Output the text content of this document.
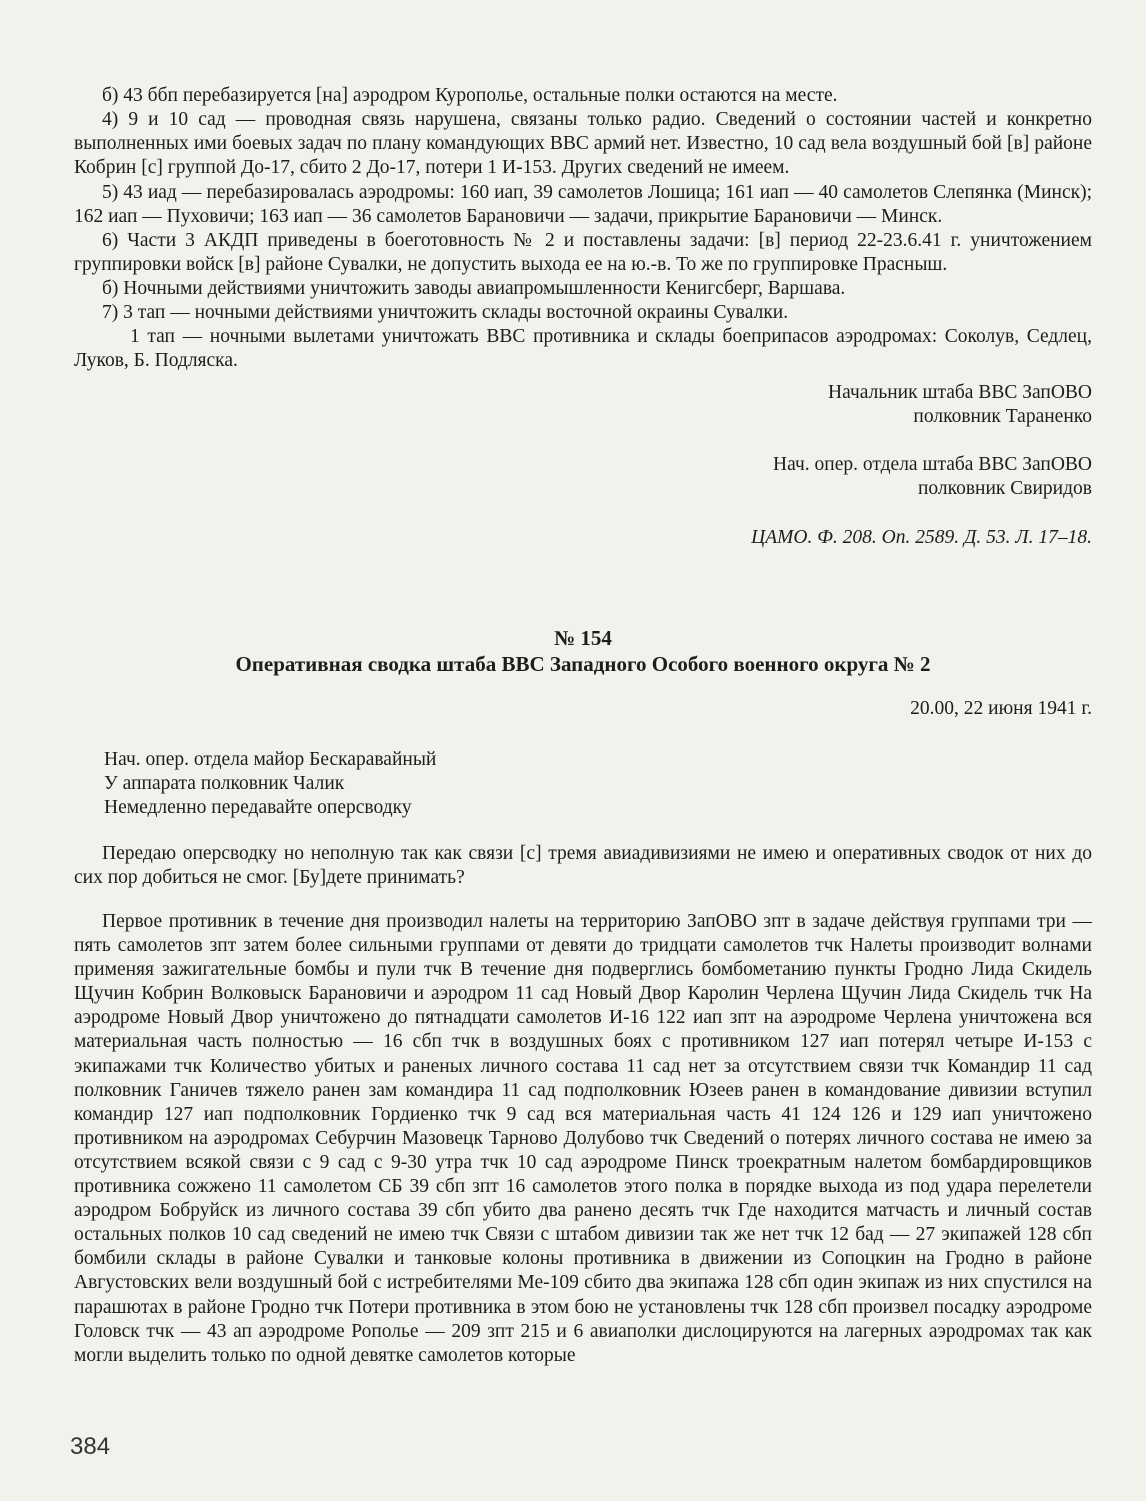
б) 43 ббп перебазируется [на] аэродром Курополье, остальные полки остаются на месте.

4) 9 и 10 сад — проводная связь нарушена, связаны только радио. Сведений о состоянии частей и конкретно выполненных ими боевых задач по плану командующих ВВС армий нет. Известно, 10 сад вела воздушный бой [в] районе Кобрин [с] группой До-17, сбито 2 До-17, потери 1 И-153. Других сведений не имеем.

5) 43 иад — перебазировалась аэродромы: 160 иап, 39 самолетов Лошица; 161 иап — 40 самолетов Слепянка (Минск); 162 иап — Пуховичи; 163 иап — 36 самолетов Барановичи — задачи, прикрытие Барановичи — Минск.

6) Части 3 АКДП приведены в боеготовность № 2 и поставлены задачи: [в] период 22-23.6.41 г. уничтожением группировки войск [в] районе Сувалки, не допустить выхода ее на ю.-в. То же по группировке Прасныш.

б) Ночными действиями уничтожить заводы авиапромышленности Кенигсберг, Варшава.

7) 3 тап — ночными действиями уничтожить склады восточной окраины Сувалки.

1 тап — ночными вылетами уничтожать ВВС противника и склады боеприпасов аэродромах: Соколув, Седлец, Луков, Б. Подляска.

Начальник штаба ВВС ЗапОВО

полковник Тараненко

Нач. опер. отдела штаба ВВС ЗапОВО

полковник Свиридов

ЦАМО. Ф. 208. Оп. 2589. Д. 53. Л. 17–18.

№ 154

Оперативная сводка штаба ВВС Западного Особого военного округа № 2

20.00, 22 июня 1941 г.

Нач. опер. отдела майор Бескаравайный

У аппарата полковник Чалик

Немедленно передавайте оперсводку

Передаю оперсводку но неполную так как связи [с] тремя авиадивизиями не имею и оперативных сводок от них до сих пор добиться не смог. [Бу]дете принимать?

Первое противник в течение дня производил налеты на территорию ЗапОВО зпт в задаче действуя группами три — пять самолетов зпт затем более сильными группами от девяти до тридцати самолетов тчк Налеты производит волнами применяя зажигательные бомбы и пули тчк В течение дня подверглись бомбометанию пункты Гродно Лида Скидель Щучин Кобрин Волковыск Барановичи и аэродром 11 сад Новый Двор Каролин Черлена Щучин Лида Скидель тчк На аэродроме Новый Двор уничтожено до пятнадцати самолетов И-16 122 иап зпт на аэродроме Черлена уничтожена вся материальная часть полностью — 16 сбп тчк в воздушных боях с противником 127 иап потерял четыре И-153 с экипажами тчк Количество убитых и раненых личного состава 11 сад нет за отсутствием связи тчк Командир 11 сад полковник Ганичев тяжело ранен зам командира 11 сад подполковник Юзеев ранен в командование дивизии вступил командир 127 иап подполковник Гордиенко тчк 9 сад вся материальная часть 41 124 126 и 129 иап уничтожено противником на аэродромах Себурчин Мазовецк Тарново Долубово тчк Сведений о потерях личного состава не имею за отсутствием всякой связи с 9 сад с 9-30 утра тчк 10 сад аэродроме Пинск троекратным налетом бомбардировщиков противника сожжено 11 самолетом СБ 39 сбп зпт 16 самолетов этого полка в порядке выхода из под удара перелетели аэродром Бобруйск из личного состава 39 сбп убито два ранено десять тчк Где находится матчасть и личный состав остальных полков 10 сад сведений не имею тчк Связи с штабом дивизии так же нет тчк 12 бад — 27 экипажей 128 сбп бомбили склады в районе Сувалки и танковые колоны противника в движении из Сопоцкин на Гродно в районе Августовских вели воздушный бой с истребителями Ме-109 сбито два экипажа 128 сбп один экипаж из них спустился на парашютах в районе Гродно тчк Потери противника в этом бою не установлены тчк 128 сбп произвел посадку аэродроме Головск тчк — 43 ап аэродроме Рополье — 209 зпт 215 и 6 авиаполки дислоцируются на лагерных аэродромах так как могли выделить только по одной девятке самолетов которые

384
